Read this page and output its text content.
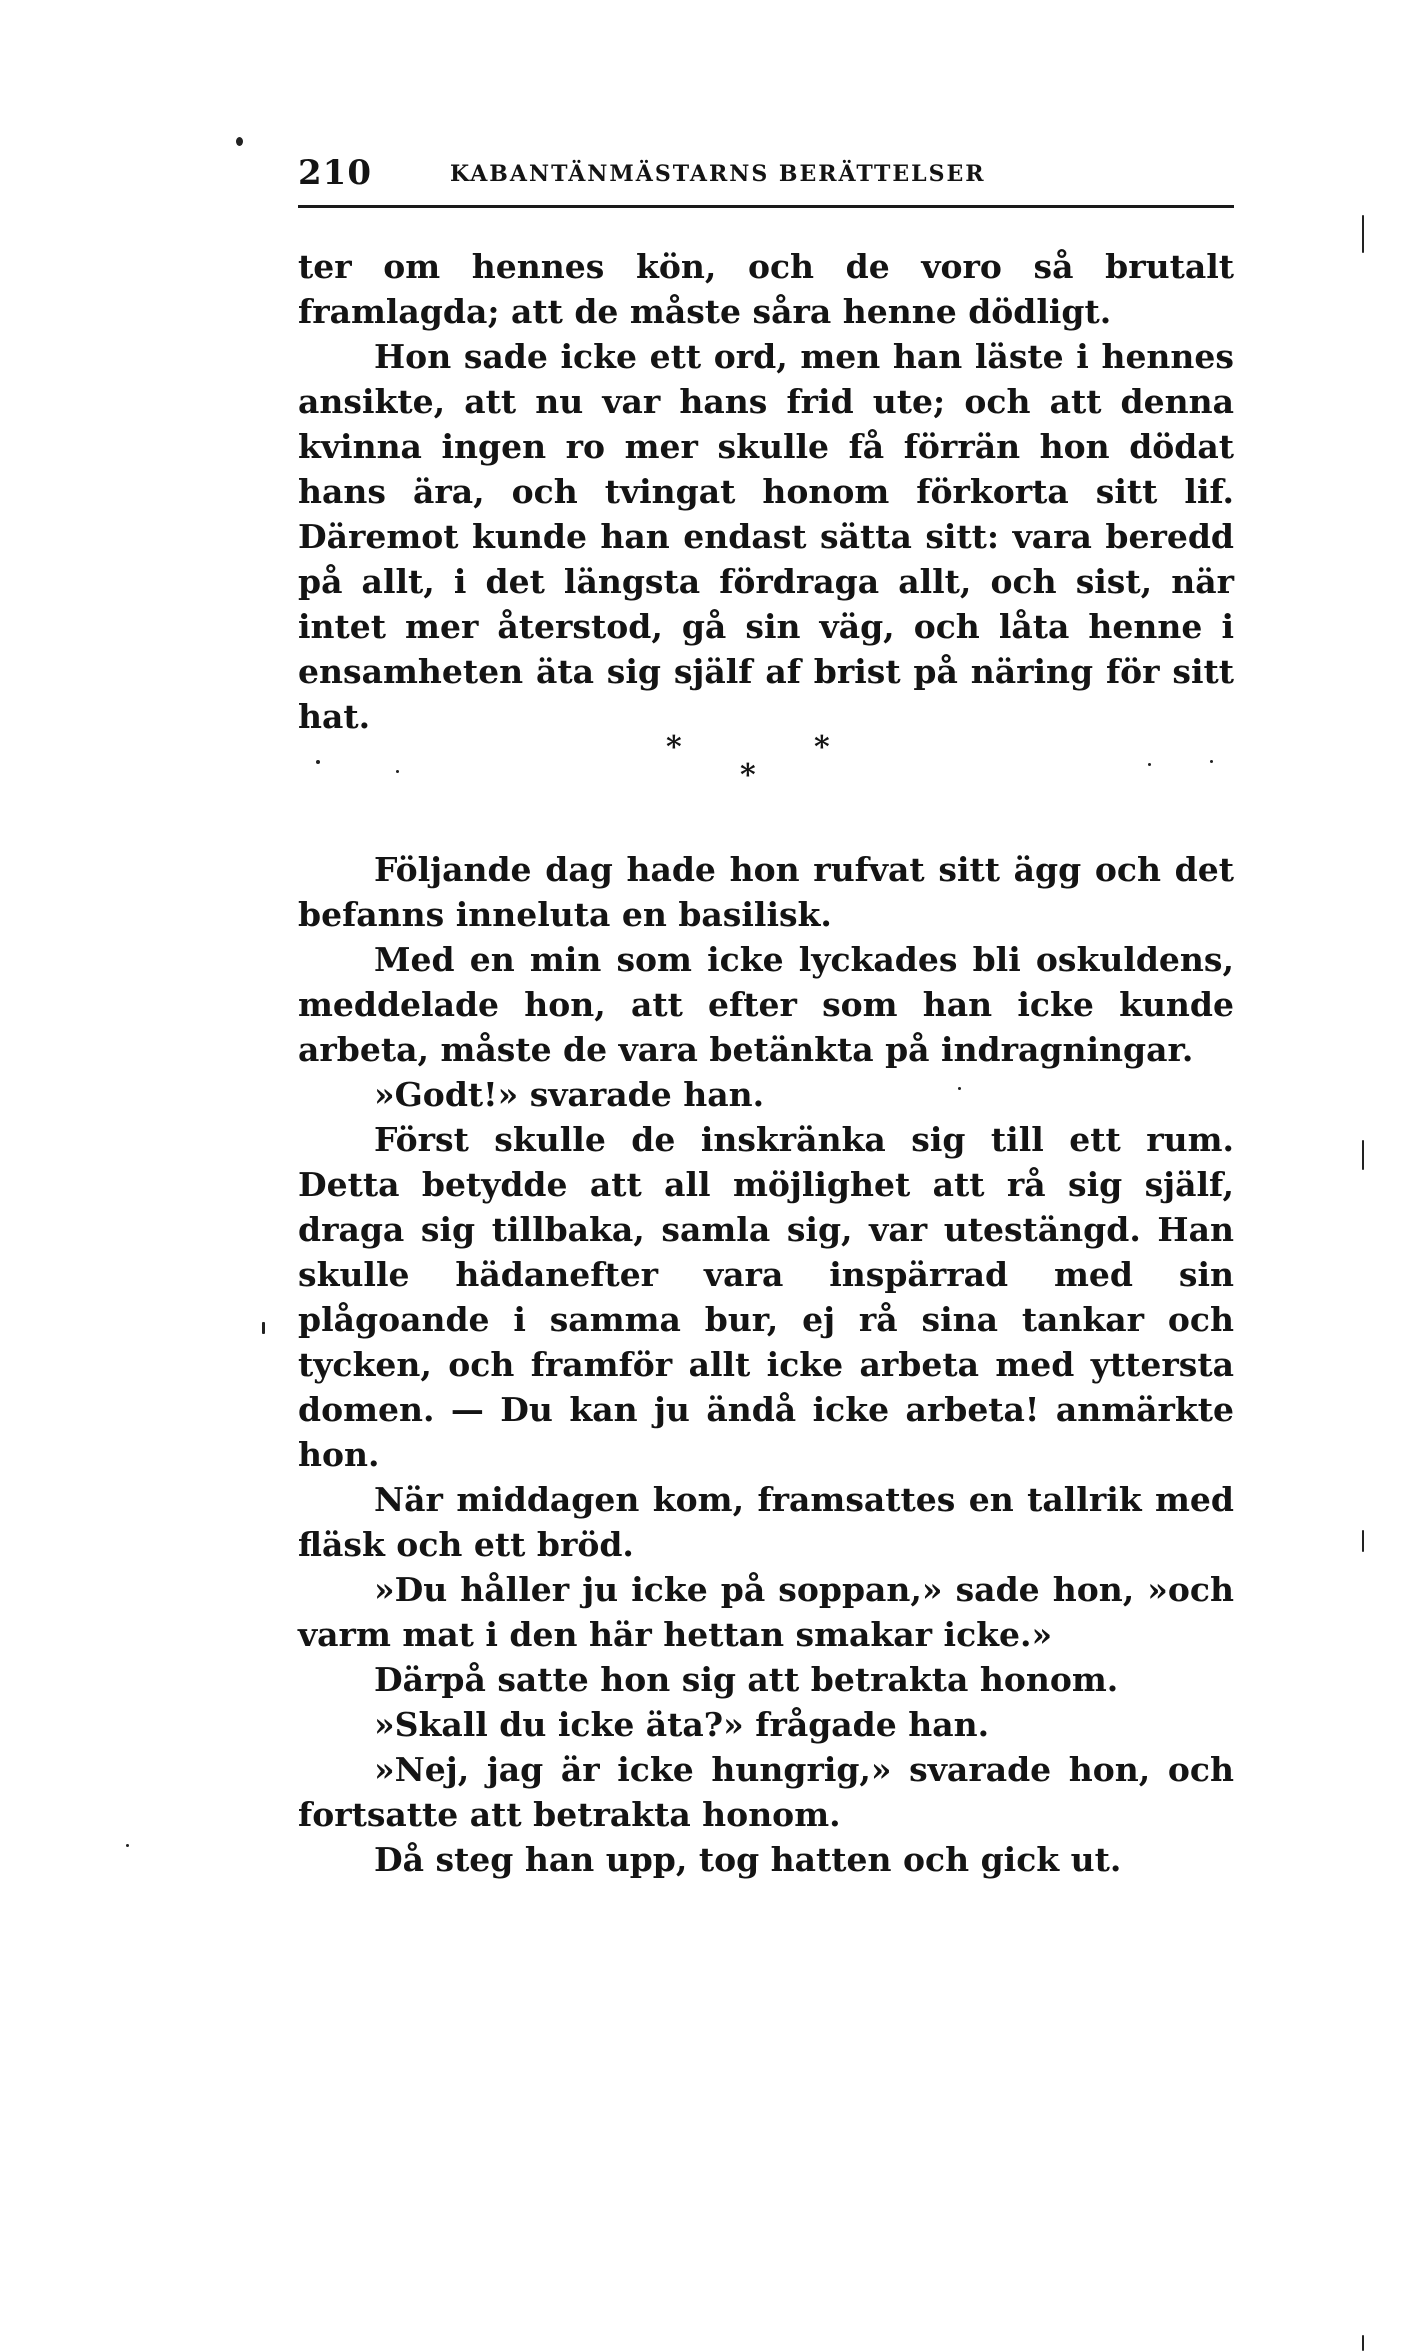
210	KABANTÄNMÄSTARNS BERÄTTELSER

ter om hennes kön, och de voro så brutalt framlagda; att de måste såra henne dödligt.

Hon sade icke ett ord, men han läste i hennes ansikte, att nu var hans frid ute; och att denna kvinna ingen ro mer skulle få förrän hon dödat hans ära, och tvingat honom förkorta sitt lif. Däremot kunde han endast sätta sitt: vara beredd på allt, i det längsta fördraga allt, och sist, när intet mer återstod, gå sin väg, och låta henne i ensamheten äta sig själf af brist på näring för sitt hat.

*
*
*

Följande dag hade hon rufvat sitt ägg och det befanns inneluta en basilisk.

Med en min som icke lyckades bli oskuldens, meddelade hon, att efter som han icke kunde arbeta, måste de vara betänkta på indragningar.

»Godt!» svarade han.

Först skulle de inskränka sig till ett rum. Detta betydde att all möjlighet att rå sig själf, draga sig tillbaka, samla sig, var utestängd. Han skulle hädanefter vara inspärrad med sin plågoande i samma bur, ej rå sina tankar och tycken, och framför allt icke arbeta med yttersta domen. — Du kan ju ändå icke arbeta! anmärkte hon.

När middagen kom, framsattes en tallrik med fläsk och ett bröd.

»Du håller ju icke på soppan,» sade hon, »och varm mat i den här hettan smakar icke.»

Därpå satte hon sig att betrakta honom.

»Skall du icke äta?» frågade han.

»Nej, jag är icke hungrig,» svarade hon, och fortsatte att betrakta honom.

Då steg han upp, tog hatten och gick ut.
